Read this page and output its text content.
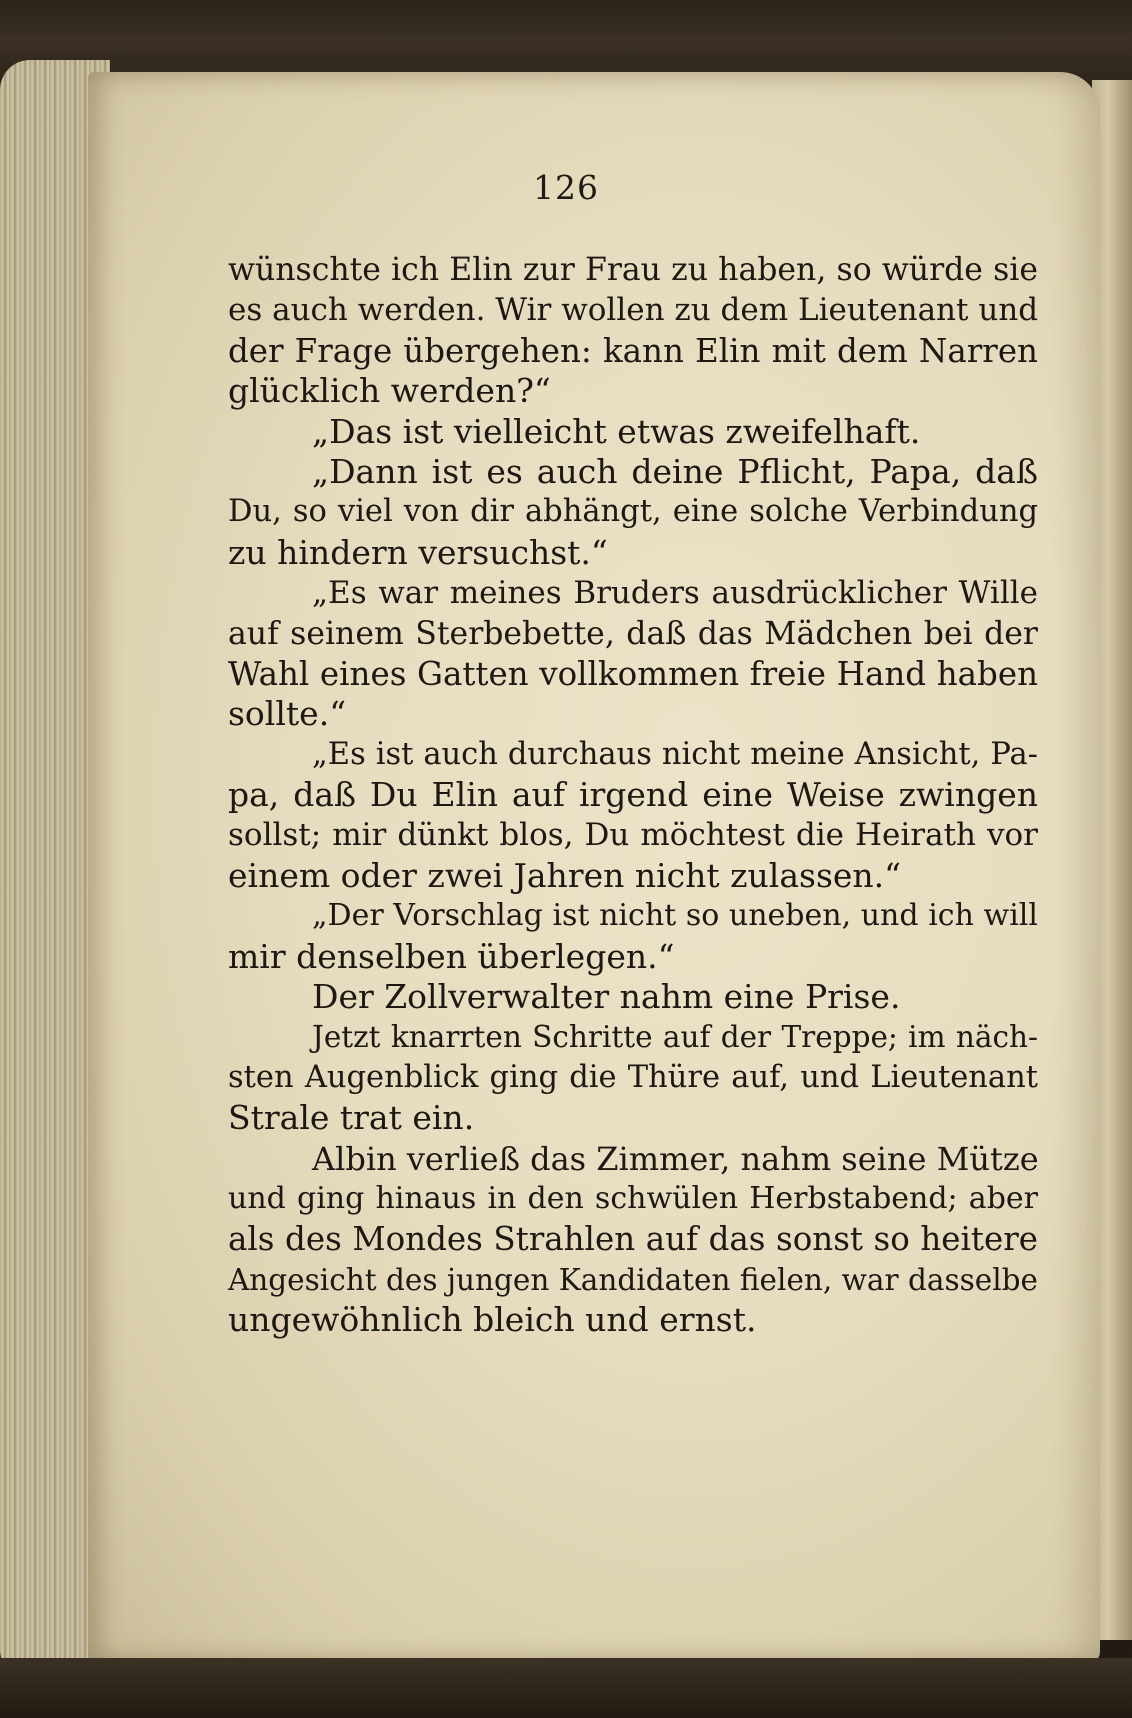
126
wünschte ich Elin zur Frau zu haben, so würde sie
es auch werden. Wir wollen zu dem Lieutenant und
der Frage übergehen: kann Elin mit dem Narren
glücklich werden?“
„Das ist vielleicht etwas zweifelhaft.
„Dann ist es auch deine Pflicht, Papa, daß
Du, so viel von dir abhängt, eine solche Verbindung
zu hindern versuchst.“
„Es war meines Bruders ausdrücklicher Wille
auf seinem Sterbebette, daß das Mädchen bei der
Wahl eines Gatten vollkommen freie Hand haben
sollte.“
„Es ist auch durchaus nicht meine Ansicht, Pa-
pa, daß Du Elin auf irgend eine Weise zwingen
sollst; mir dünkt blos, Du möchtest die Heirath vor
einem oder zwei Jahren nicht zulassen.“
„Der Vorschlag ist nicht so uneben, und ich will
mir denselben überlegen.“
Der Zollverwalter nahm eine Prise.
Jetzt knarrten Schritte auf der Treppe; im näch-
sten Augenblick ging die Thüre auf, und Lieutenant
Strale trat ein.
Albin verließ das Zimmer, nahm seine Mütze
und ging hinaus in den schwülen Herbstabend; aber
als des Mondes Strahlen auf das sonst so heitere
Angesicht des jungen Kandidaten fielen, war dasselbe
ungewöhnlich bleich und ernst.
